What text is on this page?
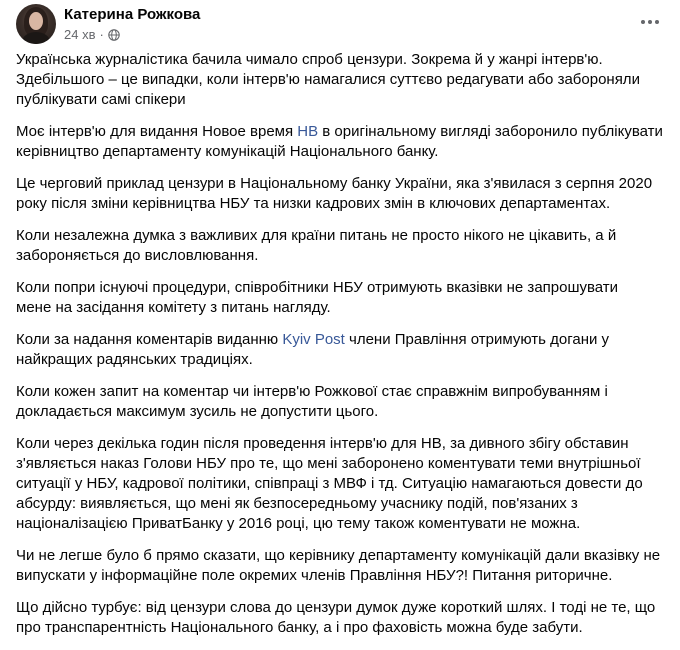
Катерина Рожкова
24 хв ·

Українська журналістика бачила чимало спроб цензури. Зокрема й у жанрі інтерв'ю.
Здебільшого – це випадки, коли інтерв'ю намагалися суттєво редагувати або забороняли
публікувати самі спікери

Моє інтерв'ю для видання Новое время НВ в оригінальному вигляді заборонило публікувати
керівництво департаменту комунікацій Національного банку.

Це черговий приклад цензури в Національному банку України, яка з'явилася з серпня 2020
року після зміни керівництва НБУ та низки кадрових змін в ключових департаментах.

Коли незалежна думка з важливих для країни питань не просто нікого не цікавить, а й
забороняється до висловлювання.

Коли попри існуючі процедури, співробітники НБУ отримують вказівки не запрошувати
мене на засідання комітету з питань нагляду.

Коли за надання коментарів виданню Kyiv Post члени Правління отримують догани у
найкращих радянських традиціях.

Коли кожен запит на коментар чи інтерв'ю Рожкової стає справжнім випробуванням і
докладається максимум зусиль не допустити цього.

Коли через декілька годин після проведення інтерв'ю для НВ, за дивного збігу обставин
з'являється наказ Голови НБУ про те, що мені заборонено коментувати теми внутрішньої
ситуації у НБУ, кадрової політики, співпраці з МВФ і тд. Ситуацію намагаються довести до
абсурду: виявляється, що мені як безпосередньому учаснику подій, пов'язаних з
націоналізацією ПриватБанку у 2016 році, цю тему також коментувати не можна.

Чи не легше було б прямо сказати, що керівнику департаменту комунікацій дали вказівку не
випускати у інформаційне поле окремих членів Правління НБУ?! Питання риторичне.

Що дійсно турбує: від цензури слова до цензури думок дуже короткий шлях. І тоді не те, що
про транспарентність Національного банку, а і про фаховість можна буде забути.
